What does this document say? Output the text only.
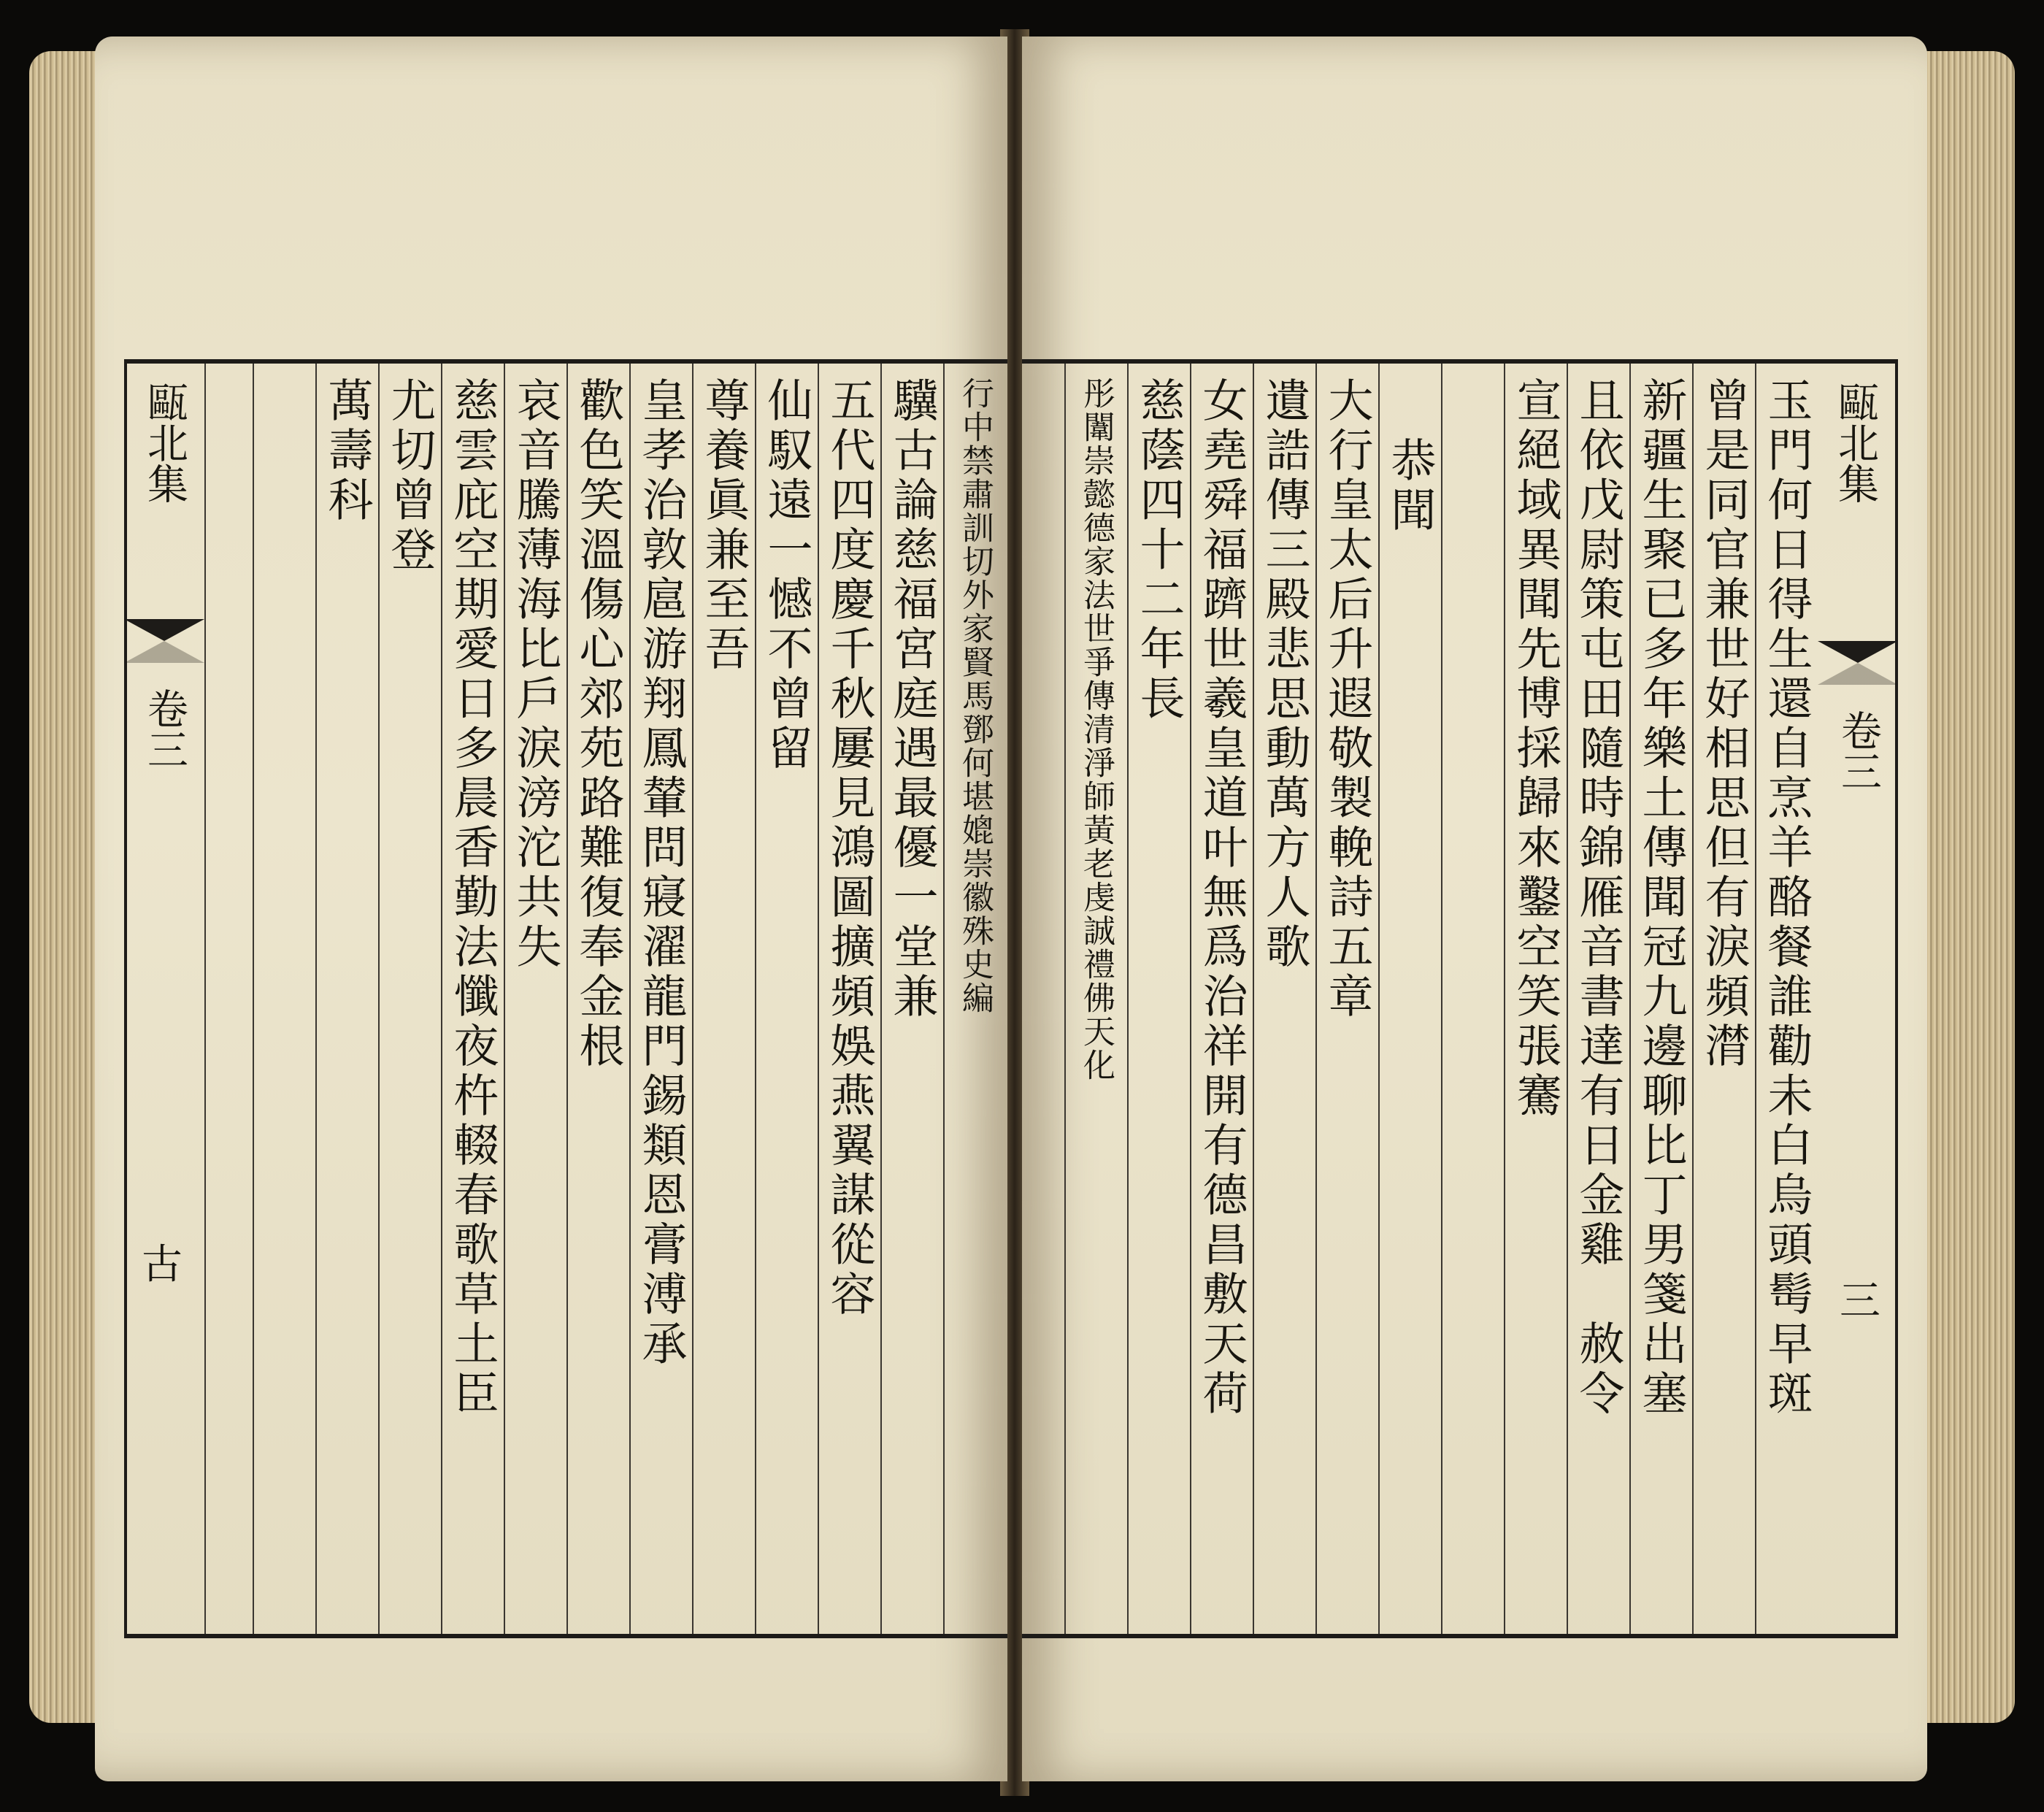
行中禁肅訓切外家賢馬鄧何堪媲崇徽殊史編
驥古論慈福宮庭遇最優一堂兼
五代四度慶千秋屢見鴻圖擴頻娛燕翼謀從容
仙馭遠一憾不曾留
尊養眞兼至吾
皇孝治敦扈游翔鳳輦問寢濯龍門錫類恩膏溥承
歡色笑溫傷心郊苑路難復奉金根
哀音騰薄海比戶淚滂沱共失
慈雲庇空期愛日多晨香勤法懺夜杵輟春歌草土臣
尤切曾登
萬壽科
甌北集
卷三
古
甌北集
卷三
三
玉門何日得生還自烹羊酪餐誰勸未白烏頭髩早斑
曾是同官兼世好相思但有淚頻潸
新疆生聚已多年樂土傳聞冠九邊聊比丁男箋出塞
且依戊尉策屯田隨時錦雁音書達有日金雞　赦令
宣絕域異聞先博採歸來鑿空笑張騫
恭聞
大行皇太后升遐敬製輓詩五章
遺誥傳三殿悲思動萬方人歌
女堯舜福躋世羲皇道叶無爲治祥開有德昌敷天荷
慈蔭四十二年長
彤闈崇懿德家法世爭傳清淨師黃老虔誠禮佛天化
